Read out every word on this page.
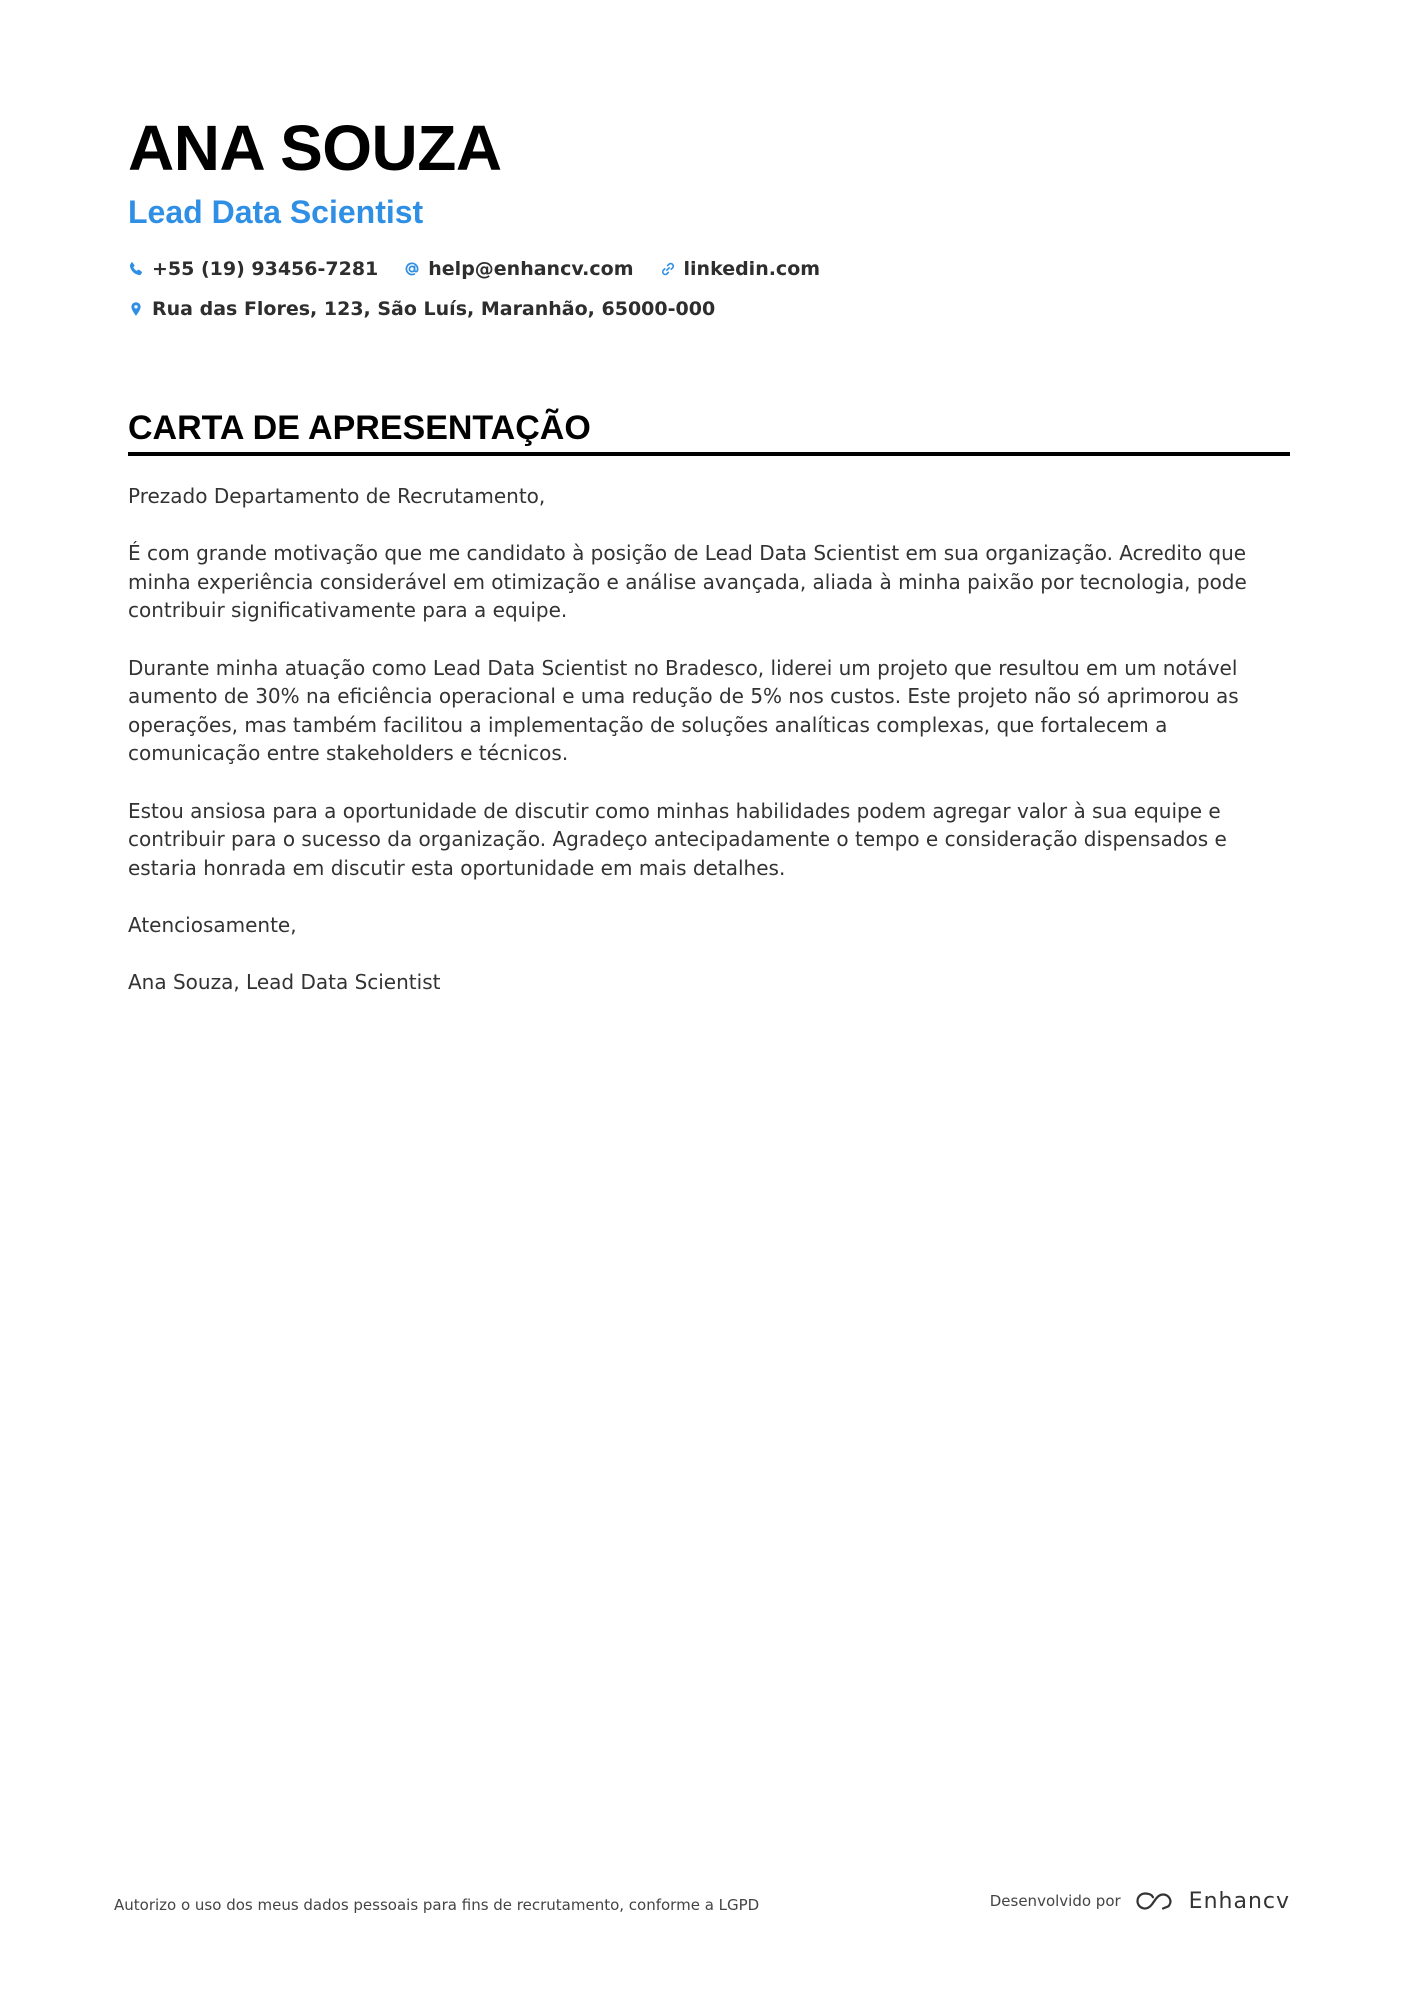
ANA SOUZA
Lead Data Scientist
+55 (19) 93456-7281	help@enhancv.com	linkedin.com
Rua das Flores, 123, São Luís, Maranhão, 65000-000
CARTA DE APRESENTAÇÃO

Prezado Departamento de Recrutamento,

É com grande motivação que me candidato à posição de Lead Data Scientist em sua organização. Acredito que minha experiência considerável em otimização e análise avançada, aliada à minha paixão por tecnologia, pode contribuir significativamente para a equipe.

Durante minha atuação como Lead Data Scientist no Bradesco, liderei um projeto que resultou em um notável aumento de 30% na eficiência operacional e uma redução de 5% nos custos. Este projeto não só aprimorou as operações, mas também facilitou a implementação de soluções analíticas complexas, que fortalecem a comunicação entre stakeholders e técnicos.

Estou ansiosa para a oportunidade de discutir como minhas habilidades podem agregar valor à sua equipe e contribuir para o sucesso da organização. Agradeço antecipadamente o tempo e consideração dispensados e estaria honrada em discutir esta oportunidade em mais detalhes.

Atenciosamente,

Ana Souza, Lead Data Scientist

Autorizo o uso dos meus dados pessoais para fins de recrutamento, conforme a LGPD	Desenvolvido por	Enhancv
